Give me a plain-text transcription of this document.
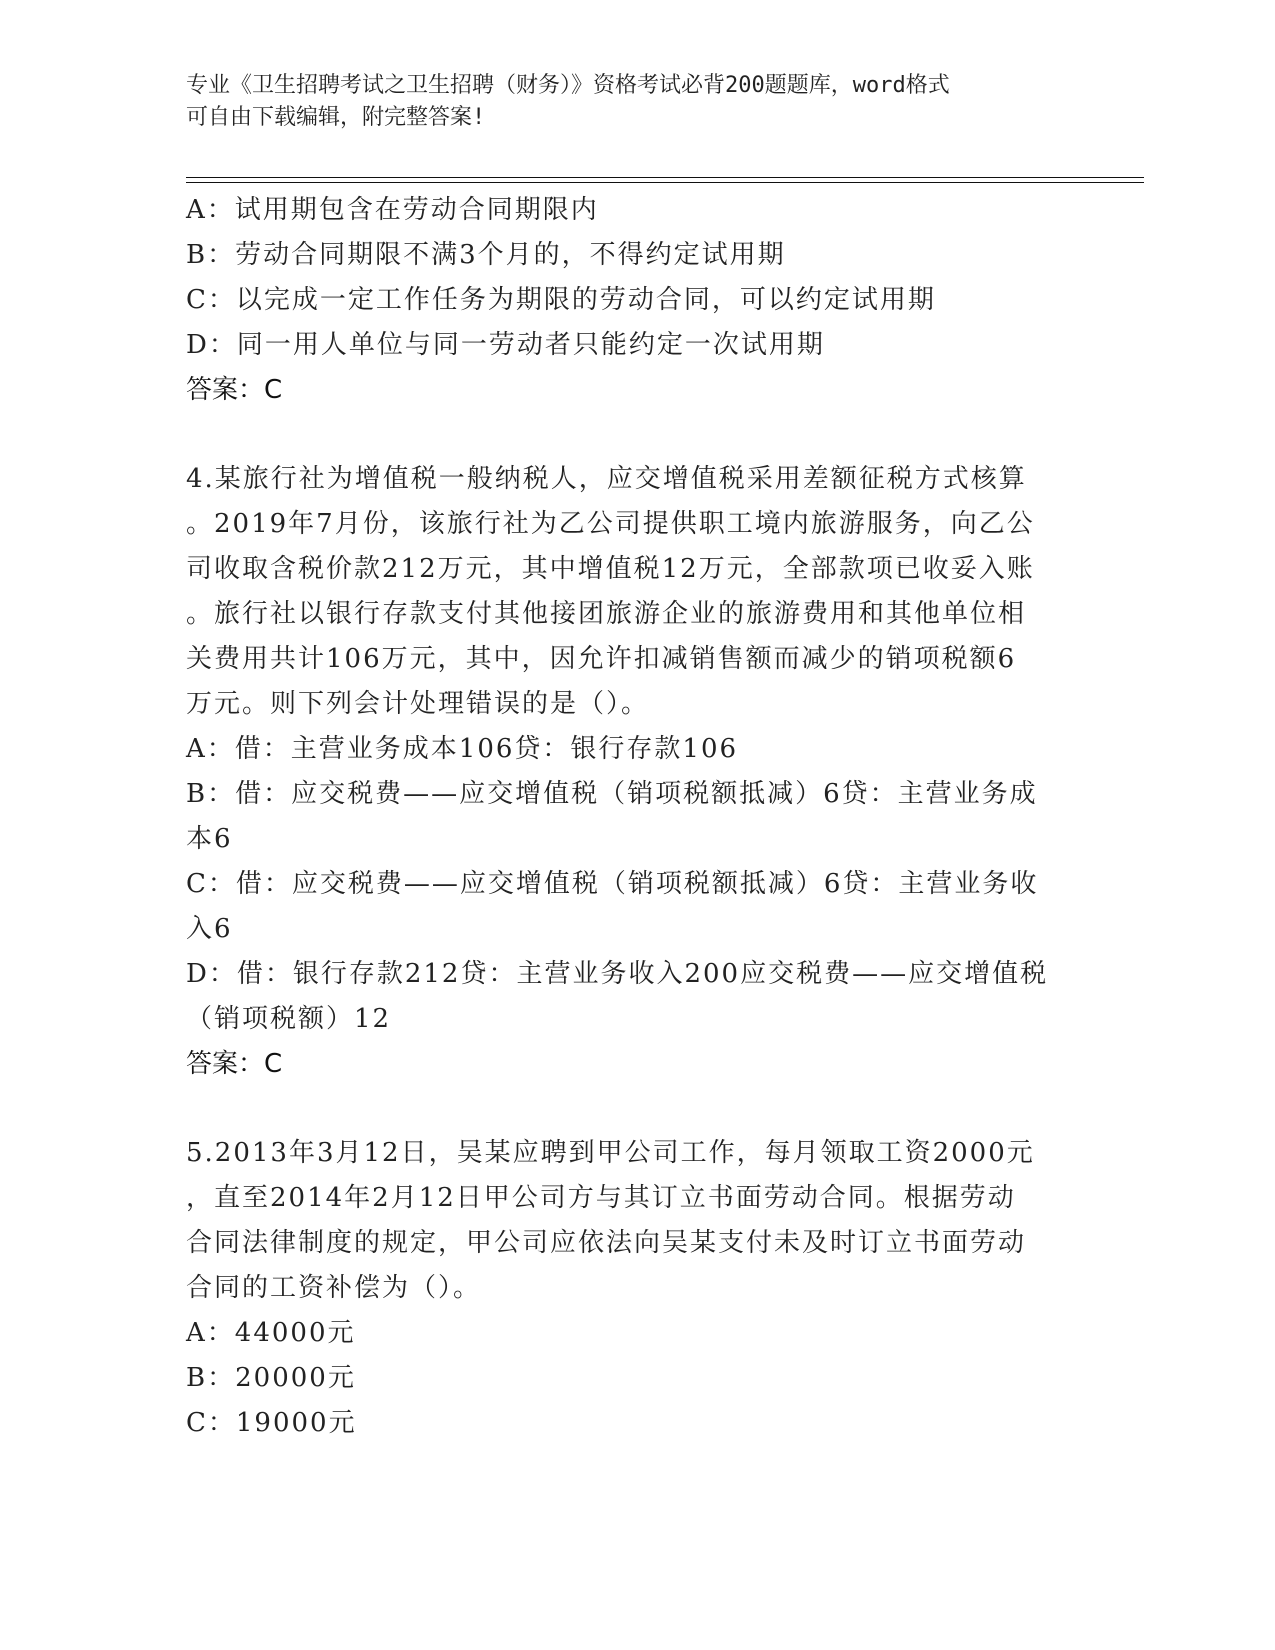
专业《卫生招聘考试之卫生招聘（财务）》资格考试必背200题题库，word格式
可自由下载编辑，附完整答案!
A：试用期包含在劳动合同期限内
B：劳动合同期限不满3个月的，不得约定试用期
C：以完成一定工作任务为期限的劳动合同，可以约定试用期
D：同一用人单位与同一劳动者只能约定一次试用期
答案：C
4.某旅行社为增值税一般纳税人，应交增值税采用差额征税方式核算
。2019年7月份，该旅行社为乙公司提供职工境内旅游服务，向乙公
司收取含税价款212万元，其中增值税12万元，全部款项已收妥入账
。旅行社以银行存款支付其他接团旅游企业的旅游费用和其他单位相
关费用共计106万元，其中，因允许扣减销售额而减少的销项税额6
万元。则下列会计处理错误的是（）。
A：借：主营业务成本106贷：银行存款106
B：借：应交税费——应交增值税（销项税额抵减）6贷：主营业务成
本6
C：借：应交税费——应交增值税（销项税额抵减）6贷：主营业务收
入6
D：借：银行存款212贷：主营业务收入200应交税费——应交增值税
（销项税额）12
答案：C
5.2013年3月12日，吴某应聘到甲公司工作，每月领取工资2000元
，直至2014年2月12日甲公司方与其订立书面劳动合同。根据劳动
合同法律制度的规定，甲公司应依法向吴某支付未及时订立书面劳动
合同的工资补偿为（）。
A：44000元
B：20000元
C：19000元
